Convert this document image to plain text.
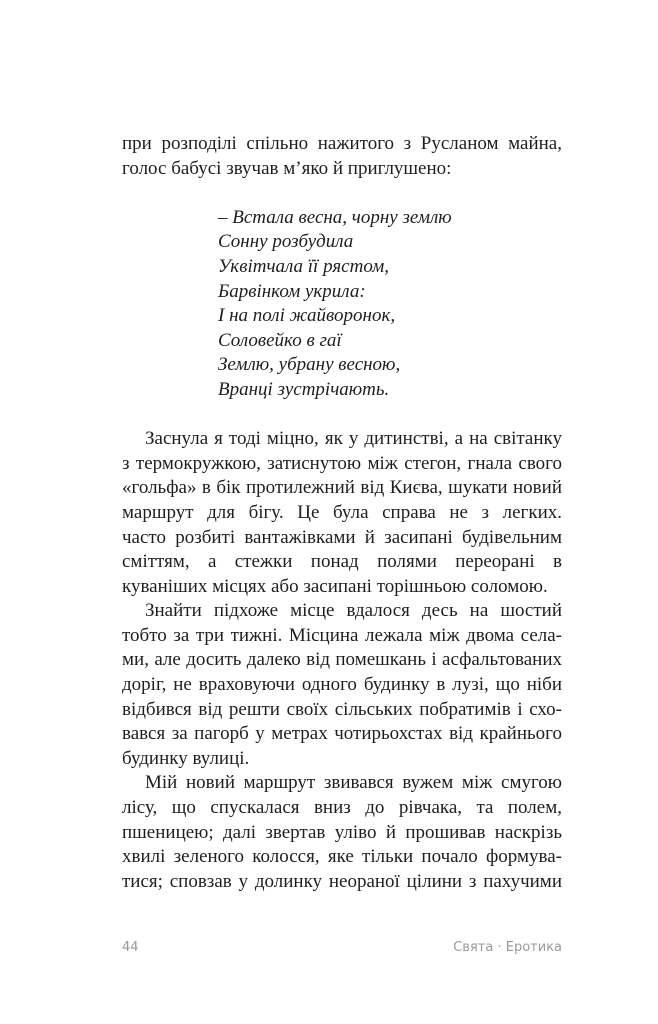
при розподілі спільно нажитого з Русланом майна,
голос бабусі звучав м’яко й приглушено:
– Встала весна, чорну землю
Сонну розбудила
Уквітчала її рястом,
Барвінком укрила:
І на полі жайворонок,
Соловейко в гаї
Землю, убрану весною,
Вранці зустрічають.
Заснула я тоді міцно, як у дитинстві, а на світанку
з термокружкою, затиснутою між стегон, гнала свого
«гольфа» в бік протилежний від Києва, шукати новий
маршрут для бігу. Це була справа не з легких.
часто розбиті вантажівками й засипані будівельним
сміттям, а стежки понад полями переорані в
куваніших місцях або засипані торішньою соломою.
Знайти підхоже місце вдалося десь на шостий
тобто за три тижні. Місцина лежала між двома села-
ми, але досить далеко від помешкань і асфальтованих
доріг, не враховуючи одного будинку в лузі, що ніби
відбився від решти своїх сільських побратимів і схо-
вався за пагорб у метрах чотирьохстах від крайнього
будинку вулиці.
Мій новий маршрут звивався вужем між смугою
лісу, що спускалася вниз до рівчака, та полем,
пшеницею; далі звертав уліво й прошивав наскрізь
хвилі зеленого колосся, яке тільки почало формува-
тися; сповзав у долинку неораної цілини з пахучими
44	Свята · Еротика
